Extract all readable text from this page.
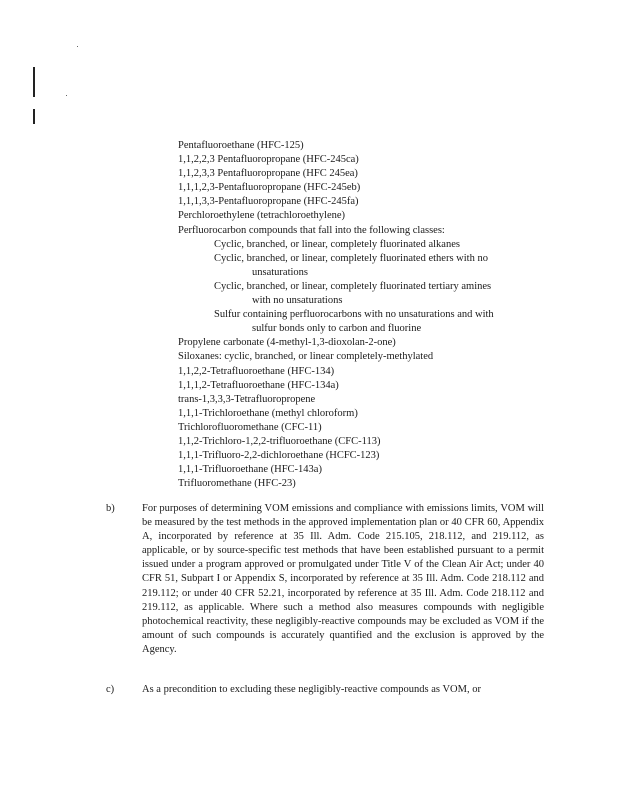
Pentafluoroethane (HFC-125)

1,1,2,2,3 Pentafluoropropane (HFC-245ca)

1,1,2,3,3 Pentafluoropropane (HFC 245ea)

1,1,1,2,3-Pentafluoropropane (HFC-245eb)

1,1,1,3,3-Pentafluoropropane (HFC-245fa)

Perchloroethylene (tetrachloroethylene)

Perfluorocarbon compounds that fall into the following classes:

Cyclic, branched, or linear, completely fluorinated alkanes

Cyclic, branched, or linear, completely fluorinated ethers with no

unsaturations

Cyclic, branched, or linear, completely fluorinated tertiary amines

with no unsaturations

Sulfur containing perfluorocarbons with no unsaturations and with

sulfur bonds only to carbon and fluorine

Propylene carbonate (4-methyl-1,3-dioxolan-2-one)

Siloxanes: cyclic, branched, or linear completely-methylated

1,1,2,2-Tetrafluoroethane (HFC-134)

1,1,1,2-Tetrafluoroethane (HFC-134a)

trans-1,3,3,3-Tetrafluoropropene

1,1,1-Trichloroethane (methyl chloroform)

Trichlorofluoromethane (CFC-11)

1,1,2-Trichloro-1,2,2-trifluoroethane (CFC-113)

1,1,1-Trifluoro-2,2-dichloroethane (HCFC-123)

1,1,1-Trifluoroethane (HFC-143a)

Trifluoromethane (HFC-23)

b)	For purposes of determining VOM emissions and compliance with emissions limits, VOM will be measured by the test methods in the approved implementation plan or 40 CFR 60, Appendix A, incorporated by reference at 35 Ill. Adm. Code 215.105, 218.112, and 219.112, as applicable, or by source-specific test methods that have been established pursuant to a permit issued under a program approved or promulgated under Title V of the Clean Air Act; under 40 CFR 51, Subpart I or Appendix S, incorporated by reference at 35 Ill. Adm. Code 218.112 and 219.112; or under 40 CFR 52.21, incorporated by reference at 35 Ill. Adm. Code 218.112 and 219.112, as applicable. Where such a method also measures compounds with negligible photochemical reactivity, these negligibly-reactive compounds may be excluded as VOM if the amount of such compounds is accurately quantified and the exclusion is approved by the Agency.
c)	As a precondition to excluding these negligibly-reactive compounds as VOM, or
